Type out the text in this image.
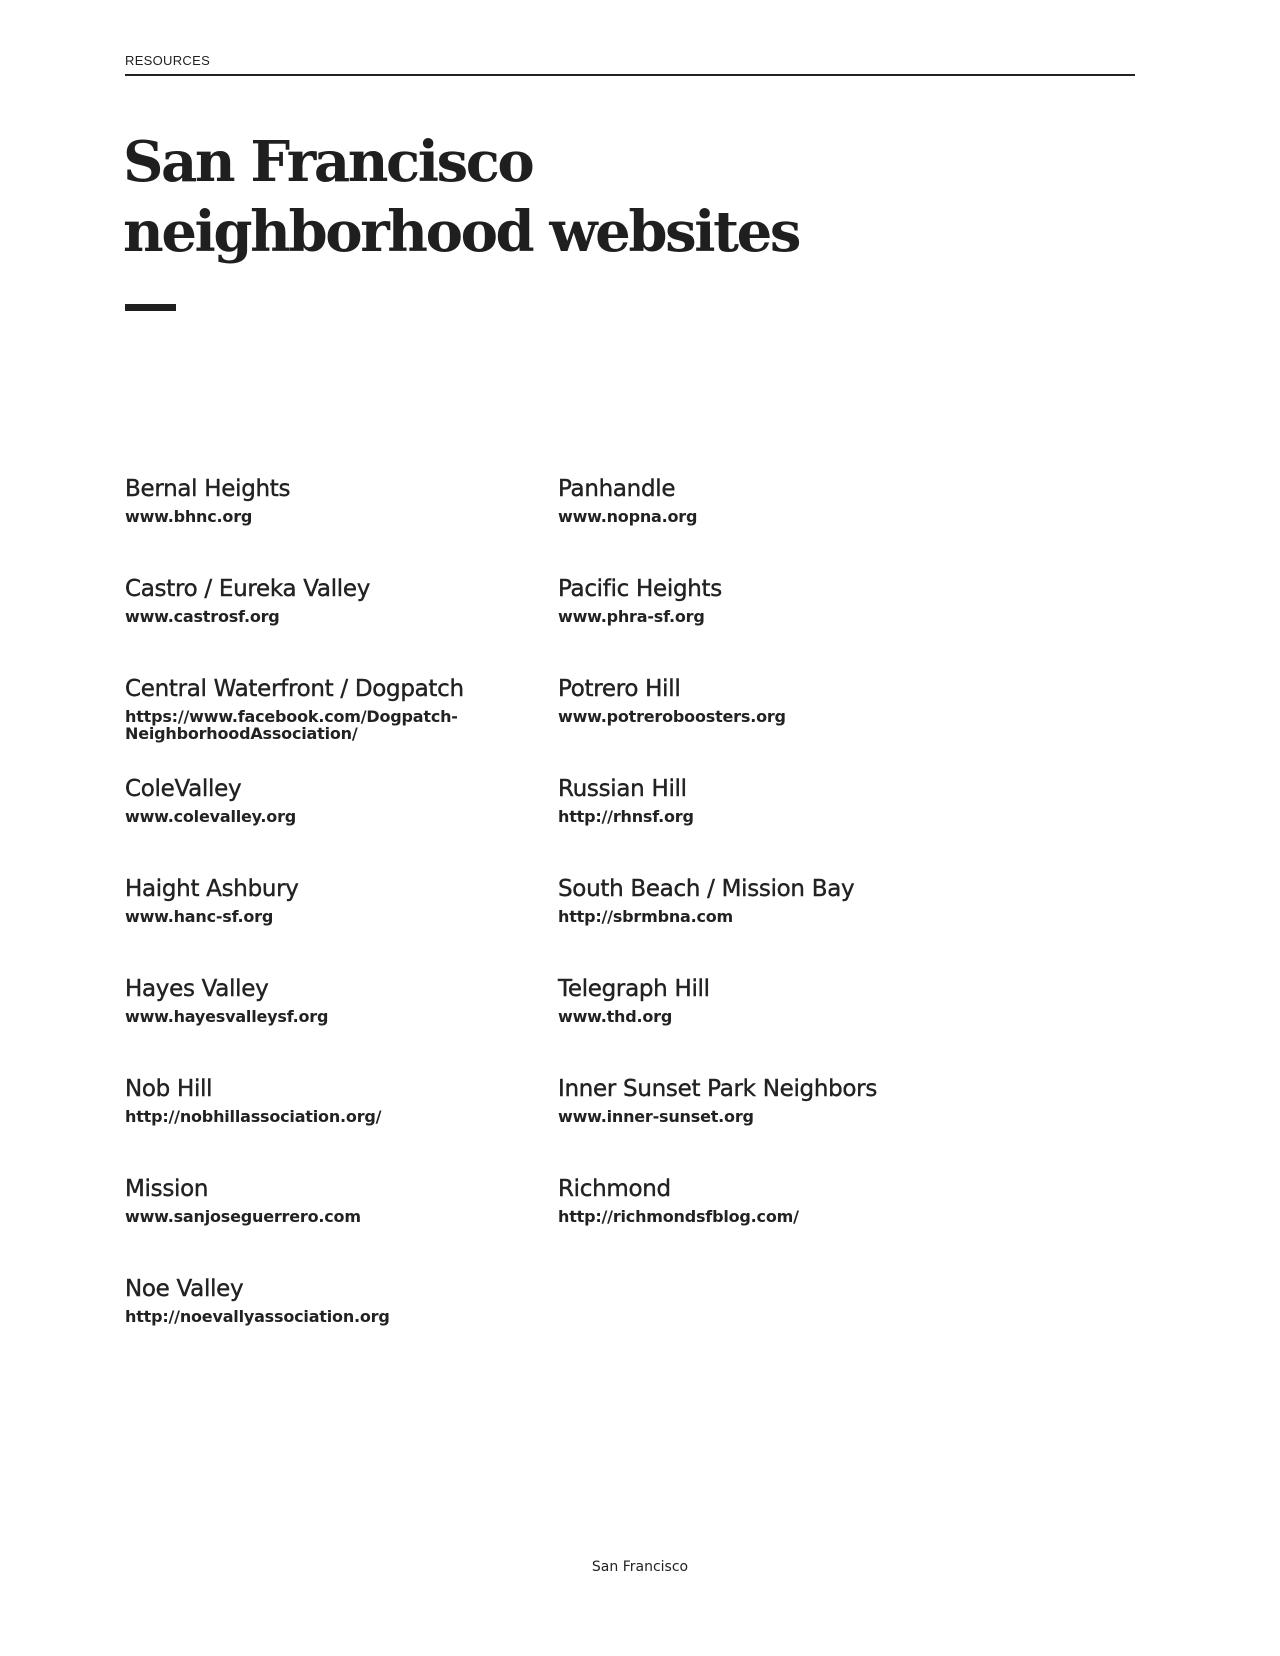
RESOURCES
San Francisco
neighborhood websites
Bernal Heights
www.bhnc.org
Castro / Eureka Valley
www.castrosf.org
Central Waterfront / Dogpatch
https://www.facebook.com/Dogpatch-NeighborhoodAssociation/
ColeValley
www.colevalley.org
Haight Ashbury
www.hanc-sf.org
Hayes Valley
www.hayesvalleysf.org
Nob Hill
http://nobhillassociation.org/
Mission
www.sanjoseguerrero.com
Noe Valley
http://noevallyassociation.org
Panhandle
www.nopna.org
Pacific Heights
www.phra-sf.org
Potrero Hill
www.potreroboosters.org
Russian Hill
http://rhnsf.org
South Beach / Mission Bay
http://sbrmbna.com
Telegraph Hill
www.thd.org
Inner Sunset Park Neighbors
www.inner-sunset.org
Richmond
http://richmondsfblog.com/
San Francisco
